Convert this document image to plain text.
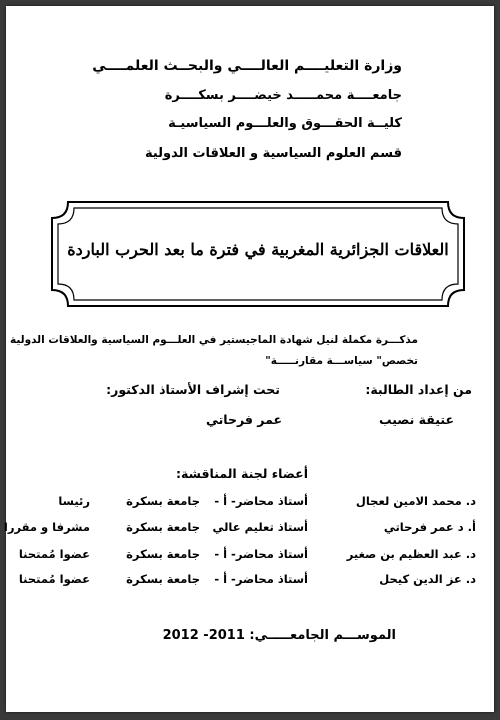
وزارة التعليــــم العالــــي والبحــث العلمــــي
جامعــــة محمـــــد خيضــــر بسكــــرة
كليــة الحقـــوق والعلـــوم السياسيـة
قسم العلوم السياسية و العلاقات الدولية
العلاقات الجزائرية المغربية في فترة ما بعد الحرب الباردة
مذكـــرة مكملة لنيل شهادة الماجيستير في العلـــوم السياسية والعلاقات الدولية
تخصص" سياســـة مقارنـــــة"
من إعداد الطالبة:
تحت إشراف الأستاذ الدكتور:
عتيقة نصيب
عمر فرحاتي
أعضاء لجنة المناقشة:
د. محمد الامين لعجال
أستاذ محاضر- أ -
جامعة بسكرة
رئيسا
أ. د عمر فرحاتي
أستاذ تعليم عالي
جامعة بسكرة
مشرفا و مقررا
د. عبد العظيم بن صغير
أستاذ محاضر- أ -
جامعة بسكرة
عضوا مُمتحنا
د. عز الدين كيحل
أستاذ محاضر- أ -
جامعة بسكرة
عضوا مُمتحنا
الموســـم الجامعـــــي: 2011- 2012
